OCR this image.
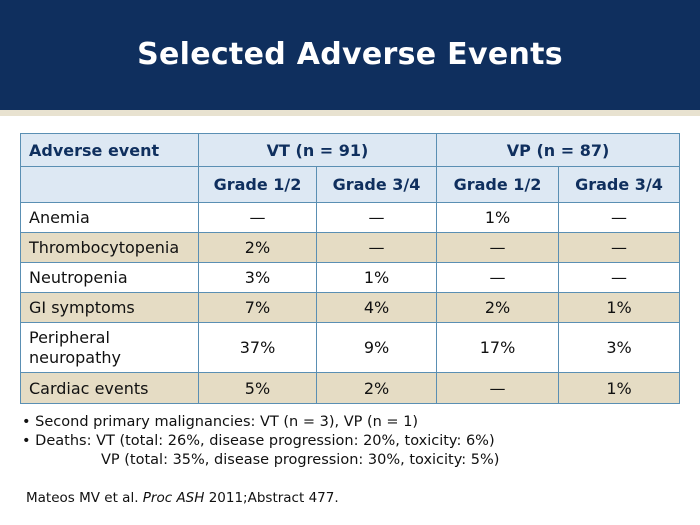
Selected Adverse Events
Adverse event	VT (n = 91)		VP (n = 87)	
	Grade 1/2	Grade 3/4	Grade 1/2	Grade 3/4
Anemia	—	—	1%	—
Thrombocytopenia	2%	—	—	—
Neutropenia	3%	1%	—	—
GI symptoms	7%	4%	2%	1%

Peripheral
neuropathy	37%	9%	17%	3%
Cardiac events	5%	2%	—	1%
• Second primary malignancies: VT (n = 3), VP (n = 1)
• Deaths: VT (total: 26%, disease progression: 20%, toxicity: 6%)
VP (total: 35%, disease progression: 30%, toxicity: 5%)
Mateos MV et al. Proc ASH 2011;Abstract 477.
